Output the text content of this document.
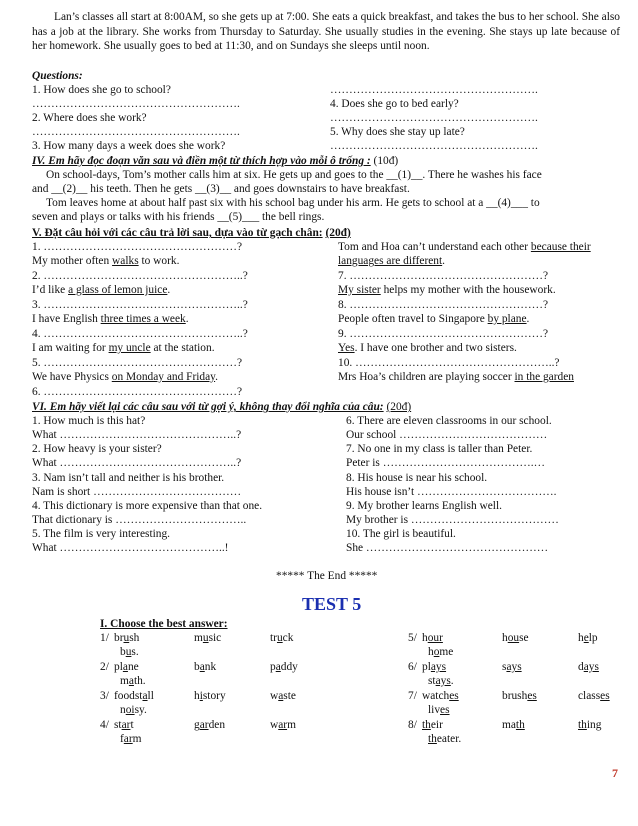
Lan’s classes all start at 8:00AM, so she gets up at 7:00. She eats a quick breakfast, and takes the bus to her school. She also has a job at the library. She works from Thursday to Saturday. She usually studies in the evening. She stays up late because of her homework. She usually goes to bed at 11:30, and on Sundays she sleeps until noon.
Questions:
1. How does she go to school?
……………………………………………….
2. Where does she work?
……………………………………………….
3. How many days a week does she work?
……………………………………………….
4. Does she go to bed early?
……………………………………………….
5. Why does she stay up late?
……………………………………………….
IV. Em hãy đọc đoạn văn sau và điền một từ thích hợp vào mỗi ô trống : (10đ)
On school-days, Tom’s mother calls him at six. He gets up and goes to the __(1)__. There he washes his face
and __(2)__ his teeth. Then he gets __(3)__ and goes downstairs to have breakfast.
Tom leaves home at about half past six with his school bag under his arm. He gets to school at a __(4)___ to
seven and plays or talks with his friends __(5)___ the bell rings.
V. Đặt câu hỏi với các câu trả lời sau, dựa vào từ gạch chân: (20đ)
1. ……………………………………………?
My mother often walks to work.
2. ……………………………………………..?
I’d like a glass of lemon juice.
3. ……………………………………………..?
I have English three times a week.
4. ……………………………………………..?
I am waiting for my uncle at the station.
5. ……………………………………………?
We have Physics on Monday and Friday.
6. ……………………………………………?
Tom and Hoa can’t understand each other because their
languages are different.
7. ……………………………………………?
My sister helps my mother with the housework.
8. ……………………………………………?
People often travel to Singapore by plane.
9. ……………………………………………?
Yes. I have one brother and two sisters.
10. ……………………………………………..?
Mrs Hoa’s children are playing soccer in the garden
VI. Em hãy viết lại các câu sau với từ gợi ý, không thay đổi nghĩa của câu: (20đ)
1. How much is this hat?
What ………………………………………..?
2. How heavy is your sister?
What ………………………………………..?
3. Nam isn’t tall and neither is his brother.
Nam is short …………………………………
4. This dictionary is more expensive than that one.
That dictionary is ……………………………..
5. The film is very interesting.
What ……………………………………..!
6. There are eleven classrooms in our school.
Our school …………………………………
7. No one in my class is taller than Peter.
Peter is ………………………………….…
8. His house is near his school.
His house isn’t ……………………………….
9. My brother learns English well.
My brother is …………………………………
10. The girl is beautiful.
She …………………………………………
***** The End *****
TEST 5
I. Choose the best answer:
1/ brush	music	truck
bus.
2/ plane	bank	paddy
math.
3/ foodstall	history	waste
noisy.
4/ start	garden	warm
farm
5/ hour	house	help
home
6/ plays	says	days
stays.
7/ watches	brushes	classes
lives
8/ their	math	thing
theater.
7
